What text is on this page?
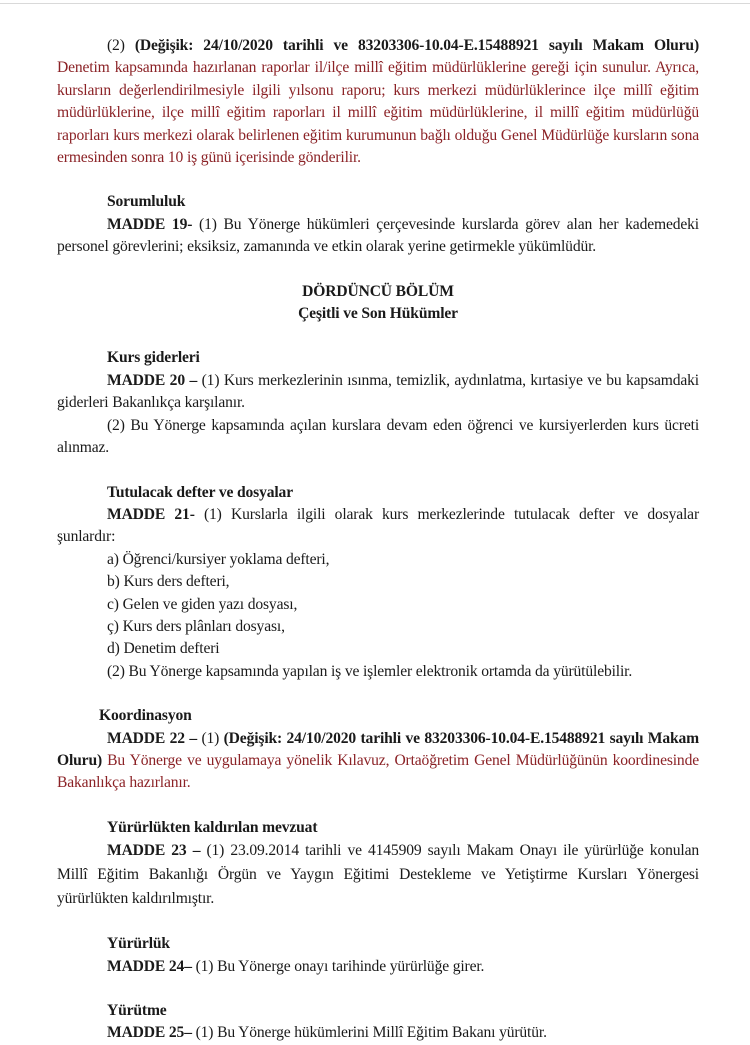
(2) (Değişik: 24/10/2020 tarihli ve 83203306-10.04-E.15488921 sayılı Makam Oluru) Denetim kapsamında hazırlanan raporlar il/ilçe millî eğitim müdürlüklerine gereği için sunulur. Ayrıca, kursların değerlendirilmesiyle ilgili yılsonu raporu; kurs merkezi müdürlüklerince ilçe millî eğitim müdürlüklerine, ilçe millî eğitim raporları il millî eğitim müdürlüklerine, il millî eğitim müdürlüğü raporları kurs merkezi olarak belirlenen eğitim kurumunun bağlı olduğu Genel Müdürlüğe kursların sona ermesinden sonra 10 iş günü içerisinde gönderilir.

Sorumluluk

MADDE 19- (1) Bu Yönerge hükümleri çerçevesinde kurslarda görev alan her kademedeki personel görevlerini; eksiksiz, zamanında ve etkin olarak yerine getirmekle yükümlüdür.

DÖRDÜNCÜ BÖLÜM
Çeşitli ve Son Hükümler
Kurs giderleri

MADDE 20 – (1) Kurs merkezlerinin ısınma, temizlik, aydınlatma, kırtasiye ve bu kapsamdaki giderleri Bakanlıkça karşılanır.

(2) Bu Yönerge kapsamında açılan kurslara devam eden öğrenci ve kursiyerlerden kurs ücreti alınmaz.

Tutulacak defter ve dosyalar

MADDE 21- (1) Kurslarla ilgili olarak kurs merkezlerinde tutulacak defter ve dosyalar şunlardır:

a) Öğrenci/kursiyer yoklama defteri,
b) Kurs ders defteri,
c) Gelen ve giden yazı dosyası,
ç) Kurs ders plânları dosyası,
d) Denetim defteri
(2) Bu Yönerge kapsamında yapılan iş ve işlemler elektronik ortamda da yürütülebilir.
Koordinasyon

MADDE 22 – (1) (Değişik: 24/10/2020 tarihli ve 83203306-10.04-E.15488921 sayılı Makam Oluru) Bu Yönerge ve uygulamaya yönelik Kılavuz, Ortaöğretim Genel Müdürlüğünün koordinesinde Bakanlıkça hazırlanır.

Yürürlükten kaldırılan mevzuat

MADDE 23 – (1) 23.09.2014 tarihli ve 4145909 sayılı Makam Onayı ile yürürlüğe konulan Millî Eğitim Bakanlığı Örgün ve Yaygın Eğitimi Destekleme ve Yetiştirme Kursları Yönergesi yürürlükten kaldırılmıştır.

Yürürlük
MADDE 24– (1) Bu Yönerge onayı tarihinde yürürlüğe girer.
Yürütme
MADDE 25– (1) Bu Yönerge hükümlerini Millî Eğitim Bakanı yürütür.
